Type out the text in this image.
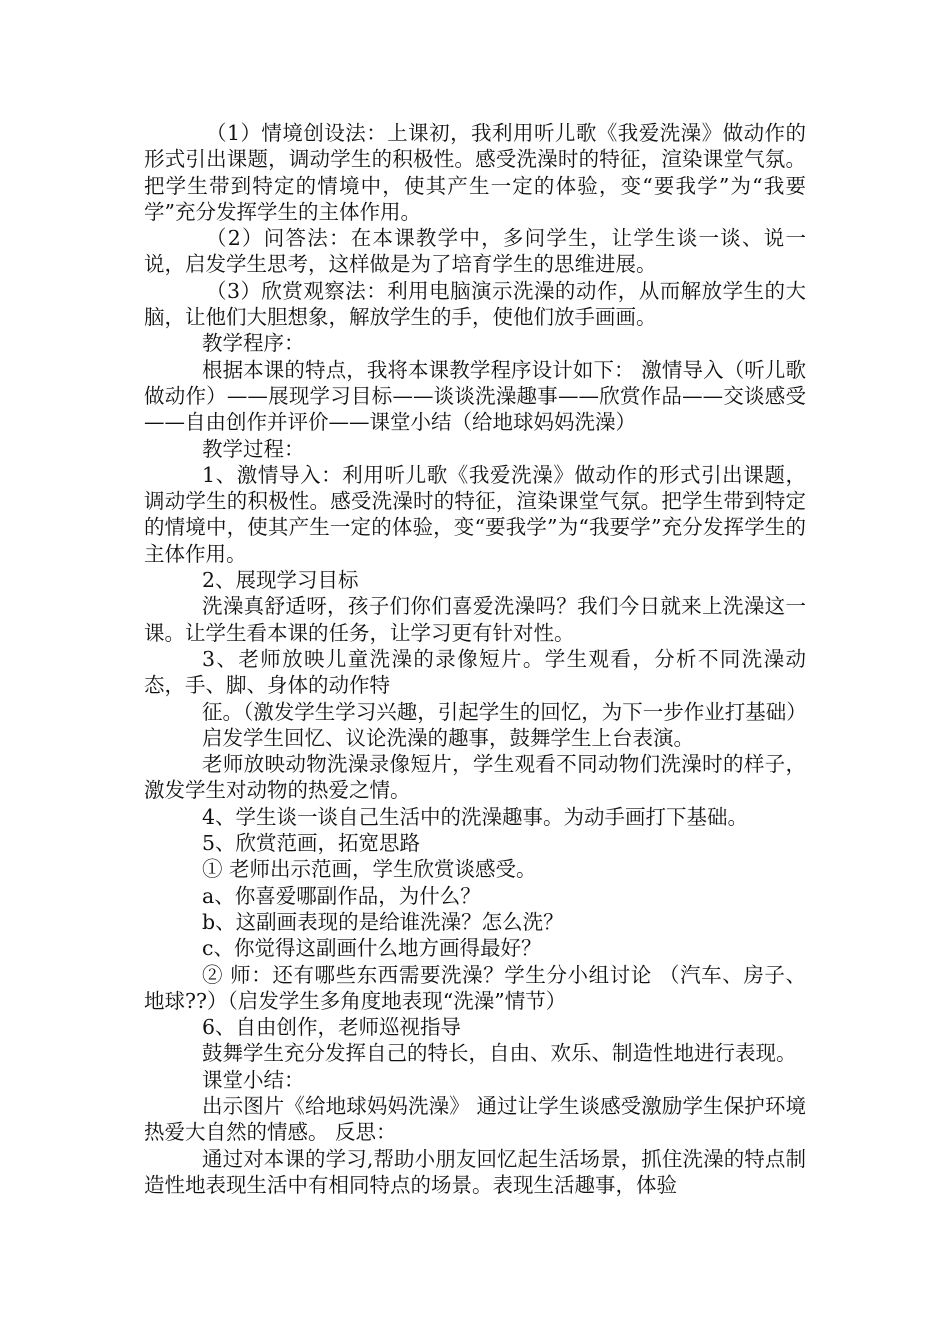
（1）情境创设法：上课初，我利用听儿歌《我爱洗澡》做动作的形式引出课题，调动学生的积极性。感受洗澡时的特征，渲染课堂气氛。把学生带到特定的情境中，使其产生一定的体验，变“要我学”为“我要学”充分发挥学生的主体作用。

（2）问答法：在本课教学中，多问学生，让学生谈一谈、说一说，启发学生思考，这样做是为了培育学生的思维进展。

（3）欣赏观察法：利用电脑演示洗澡的动作，从而解放学生的大脑，让他们大胆想象，解放学生的手，使他们放手画画。

教学程序：

根据本课的特点，我将本课教学程序设计如下： 激情导入（听儿歌做动作）——展现学习目标——谈谈洗澡趣事——欣赏作品——交谈感受——自由创作并评价——课堂小结（给地球妈妈洗澡）

教学过程：

1、激情导入：利用听儿歌《我爱洗澡》做动作的形式引出课题，调动学生的积极性。感受洗澡时的特征，渲染课堂气氛。把学生带到特定的情境中，使其产生一定的体验，变“要我学”为“我要学”充分发挥学生的主体作用。

2、展现学习目标

洗澡真舒适呀，孩子们你们喜爱洗澡吗？我们今日就来上洗澡这一课。让学生看本课的任务，让学习更有针对性。

3、老师放映儿童洗澡的录像短片。学生观看，分析不同洗澡动态，手、脚、身体的动作特

征。（激发学生学习兴趣，引起学生的回忆，为下一步作业打基础）

启发学生回忆、议论洗澡的趣事，鼓舞学生上台表演。

老师放映动物洗澡录像短片，学生观看不同动物们洗澡时的样子，激发学生对动物的热爱之情。

4、学生谈一谈自己生活中的洗澡趣事。为动手画打下基础。

5、欣赏范画，拓宽思路

① 老师出示范画，学生欣赏谈感受。

a、你喜爱哪副作品，为什么？

b、这副画表现的是给谁洗澡？怎么洗？

c、你觉得这副画什么地方画得最好？

② 师：还有哪些东西需要洗澡？学生分小组讨论 （汽车、房子、地球??）（启发学生多角度地表现“洗澡”情节）

6、自由创作，老师巡视指导

鼓舞学生充分发挥自己的特长，自由、欢乐、制造性地进行表现。

课堂小结：

出示图片《给地球妈妈洗澡》 通过让学生谈感受激励学生保护环境热爱大自然的情感。 反思：

通过对本课的学习,帮助小朋友回忆起生活场景，抓住洗澡的特点制造性地表现生活中有相同特点的场景。表现生活趣事，体验
